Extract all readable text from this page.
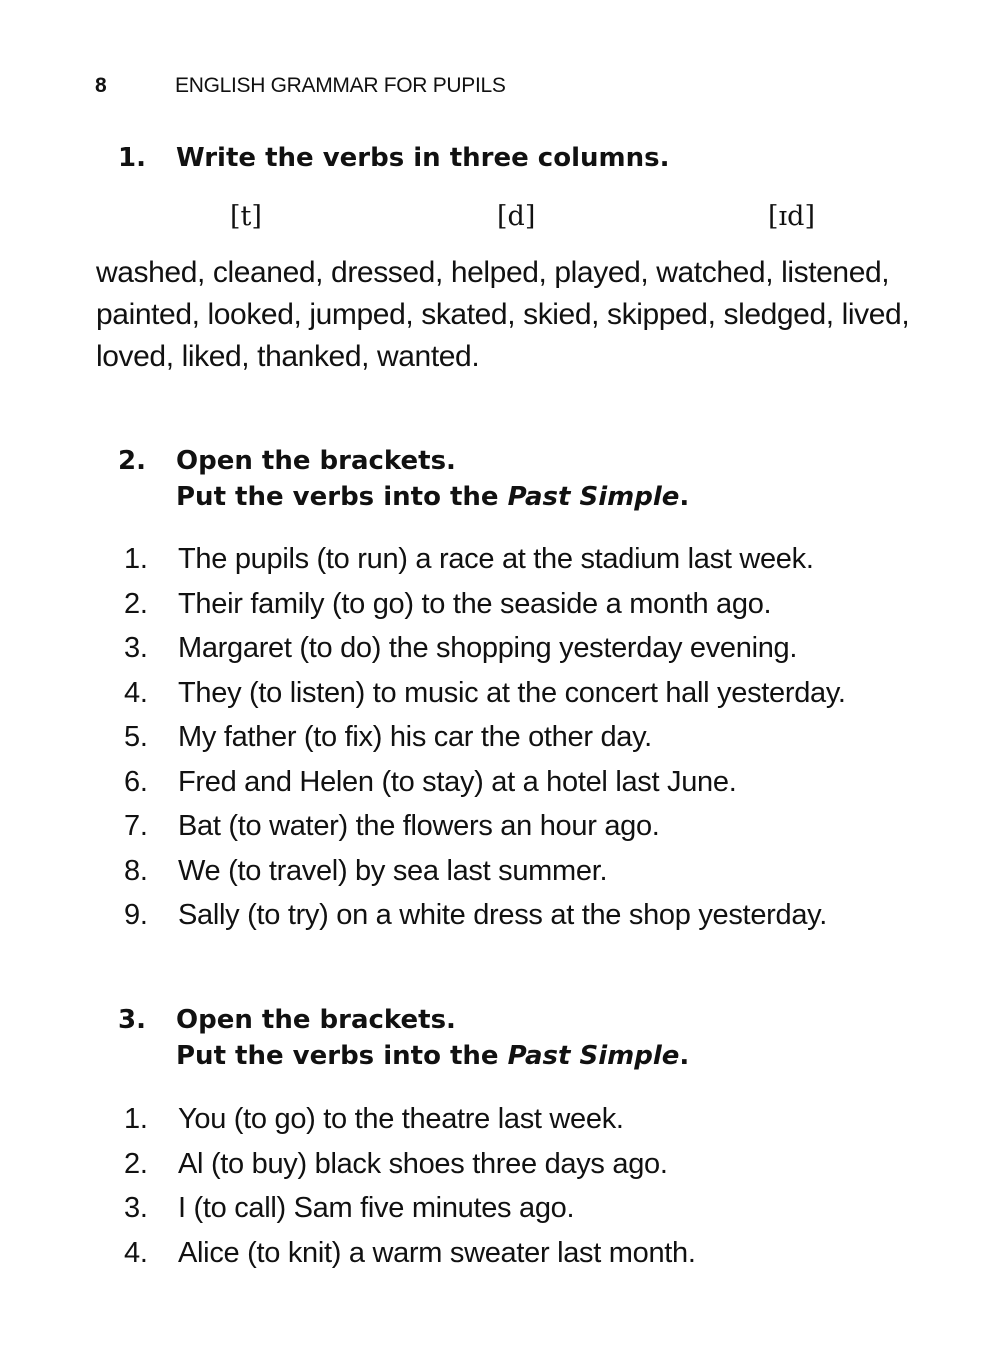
8	ENGLISH GRAMMAR FOR PUPILS
1. Write the verbs in three columns.
[t]	[d]	[ɪd]
washed, cleaned, dressed, helped, played, watched, listened, painted, looked, jumped, skated, skied, skipped, sledged, lived, loved, liked, thanked, wanted.
2. Open the brackets.
Put the verbs into the Past Simple.
1. The pupils (to run) a race at the stadium last week.
2. Their family (to go) to the seaside a month ago.
3. Margaret (to do) the shopping yesterday evening.
4. They (to listen) to music at the concert hall yesterday.
5. My father (to fix) his car the other day.
6. Fred and Helen (to stay) at a hotel last June.
7. Bat (to water) the flowers an hour ago.
8. We (to travel) by sea last summer.
9. Sally (to try) on a white dress at the shop yesterday.
3. Open the brackets.
Put the verbs into the Past Simple.
1. You (to go) to the theatre last week.
2. Al (to buy) black shoes three days ago.
3. I (to call) Sam five minutes ago.
4. Alice (to knit) a warm sweater last month.
